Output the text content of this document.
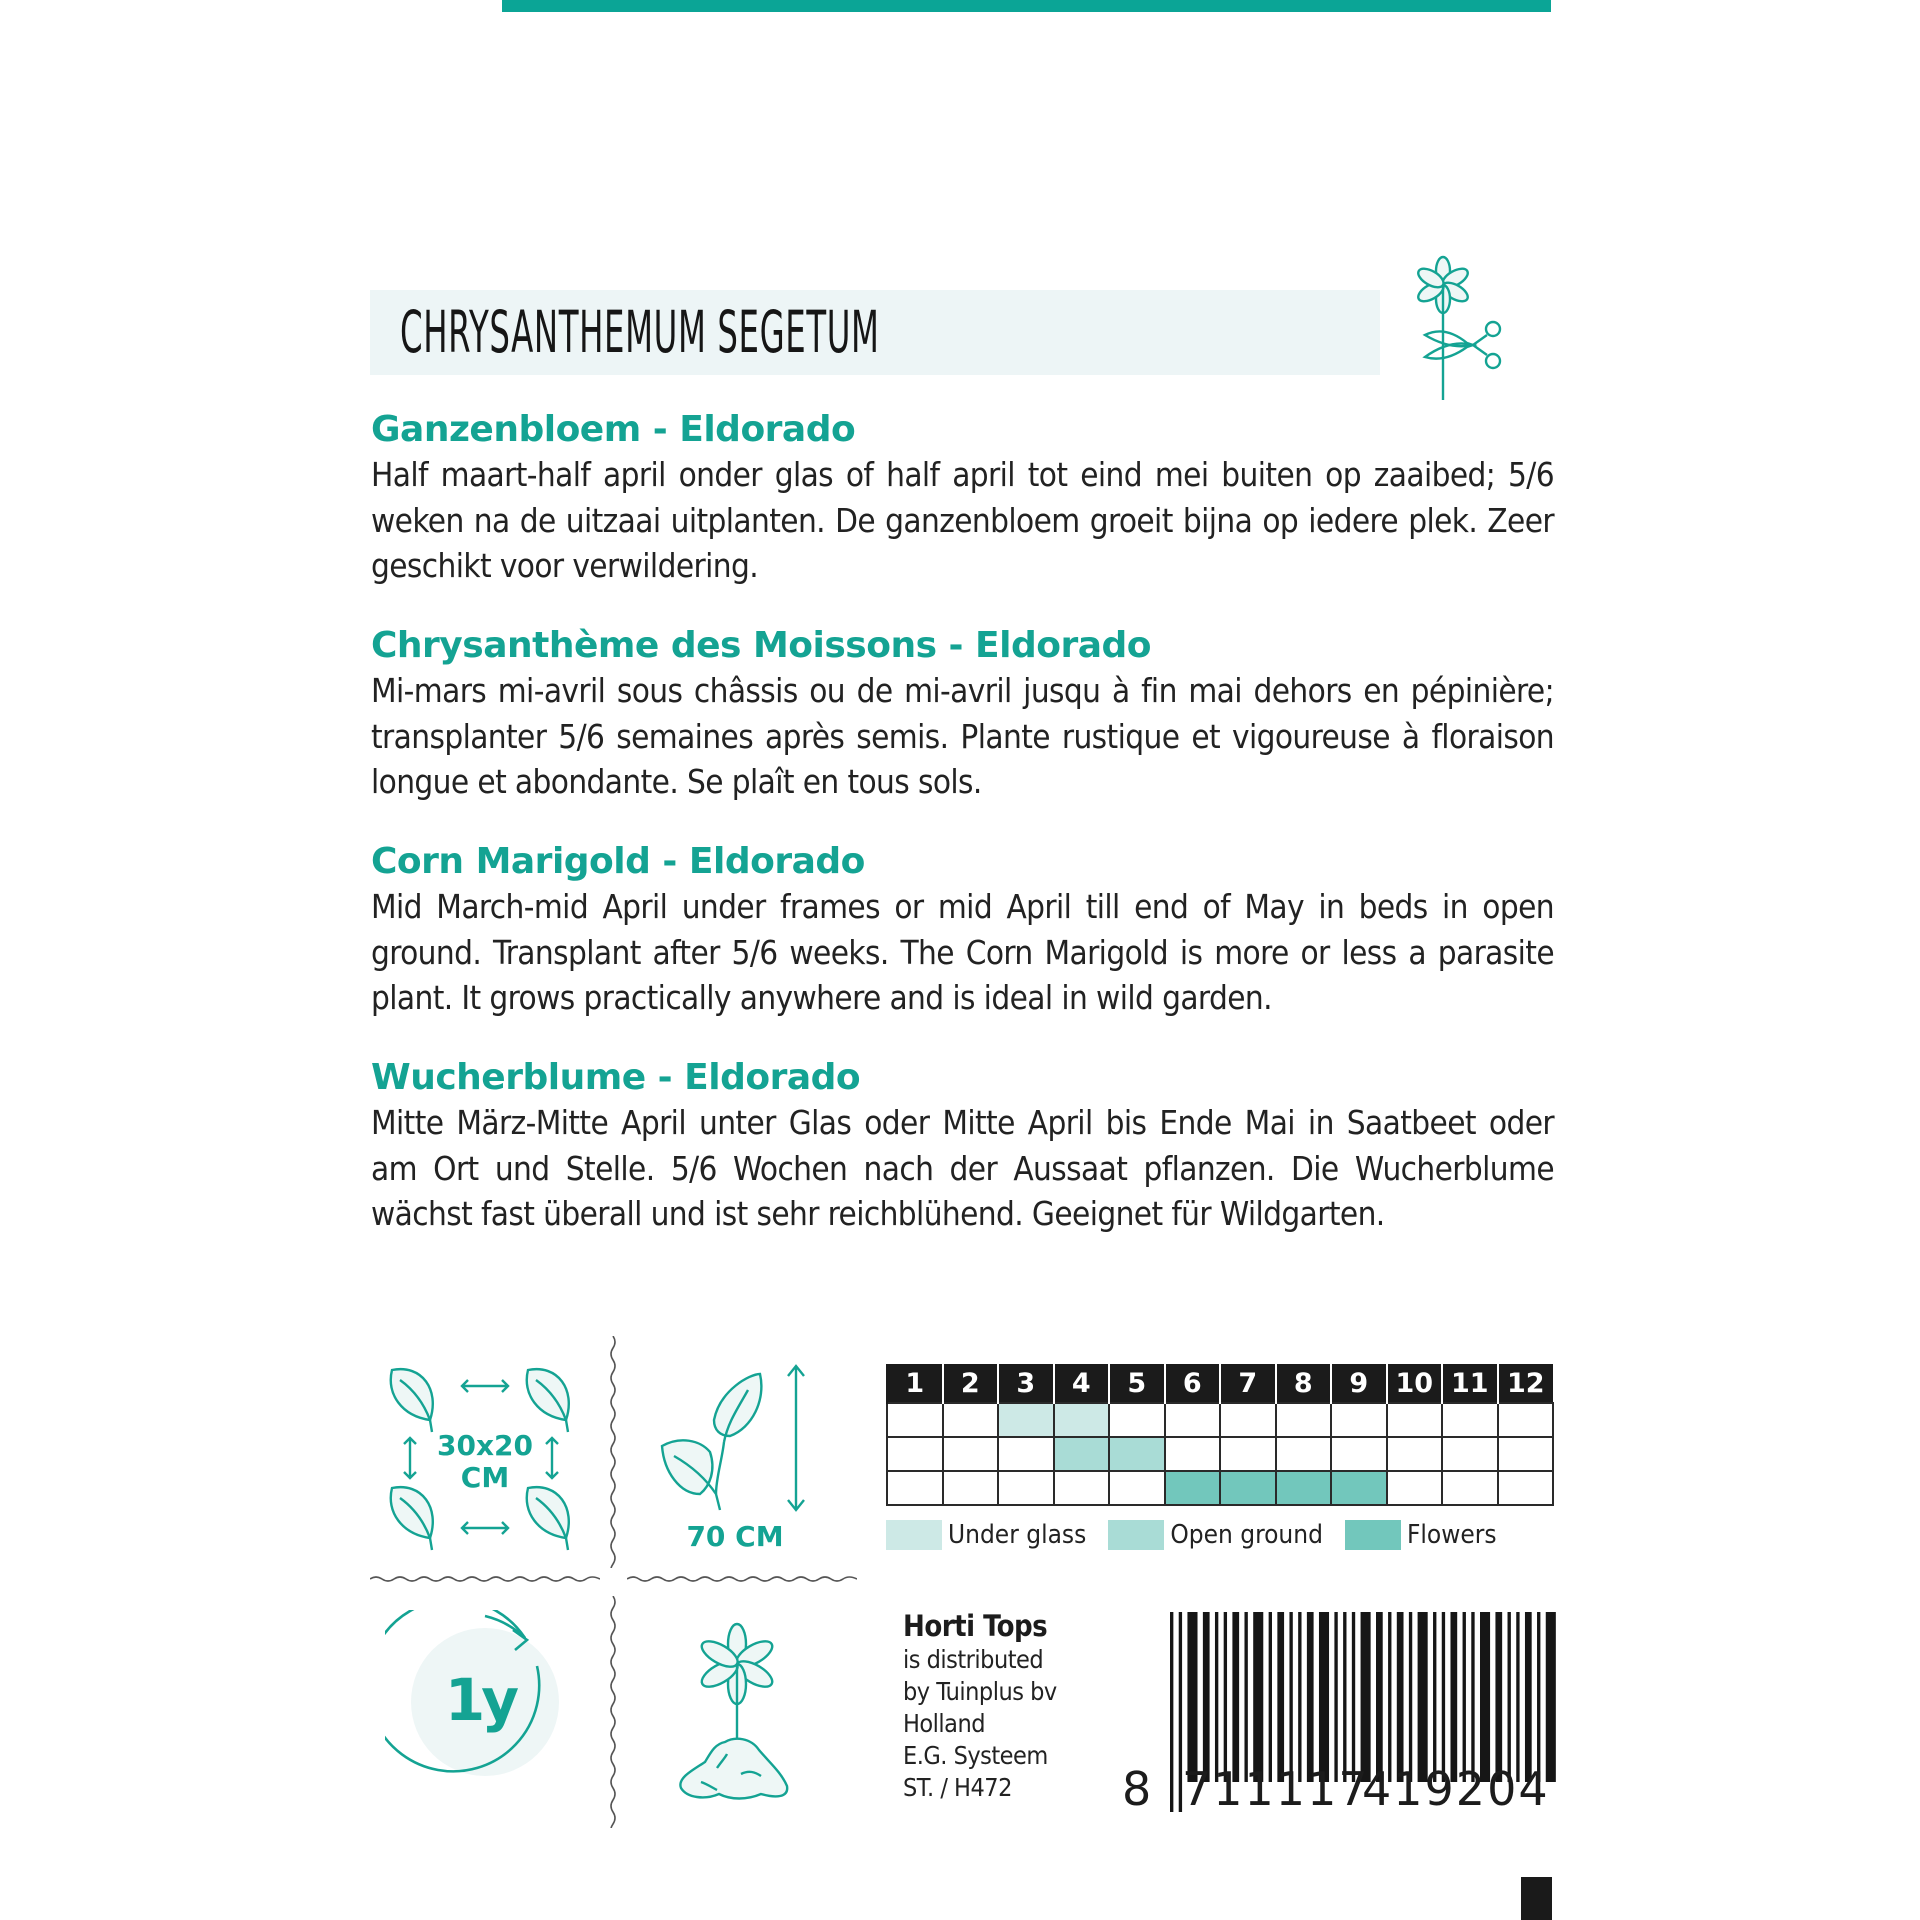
CHRYSANTHEMUM SEGETUM
Ganzenbloem - Eldorado

Half maart-half april onder glas of half april tot eind mei buiten op zaaibed; 5/6 weken na de uitzaai uitplanten. De ganzenbloem groeit bijna op iedere plek. Zeer geschikt voor verwildering.

Chrysanthème des Moissons - Eldorado

Mi-mars mi-avril sous châssis ou de mi-avril jusqu à fin mai dehors en pépinière; transplanter 5/6 semaines après semis. Plante rustique et vigoureuse à floraison longue et abondante. Se plaît en tous sols.

Corn Marigold - Eldorado

Mid March-mid April under frames or mid April till end of May in beds in open ground. Transplant after 5/6 weeks. The Corn Marigold is more or less a parasite plant. It grows practically anywhere and is ideal in wild garden.

Wucherblume - Eldorado

Mitte März-Mitte April unter Glas oder Mitte April bis Ende Mai in Saatbeet oder am Ort und Stelle. 5/6 Wochen nach der Aussaat pflanzen. Die Wucherblume wächst fast überall und ist sehr reichblühend. Geeignet für Wildgarten.

30x20
CM
70 CM
1y
1	2	3	4	5	6	7	8	9	10	11	12

Under glass	Open ground	Flowers
Horti Tops
is distributed
by Tuinplus bv
Holland
E.G. Systeem
ST. / H472	8 711117
419204
